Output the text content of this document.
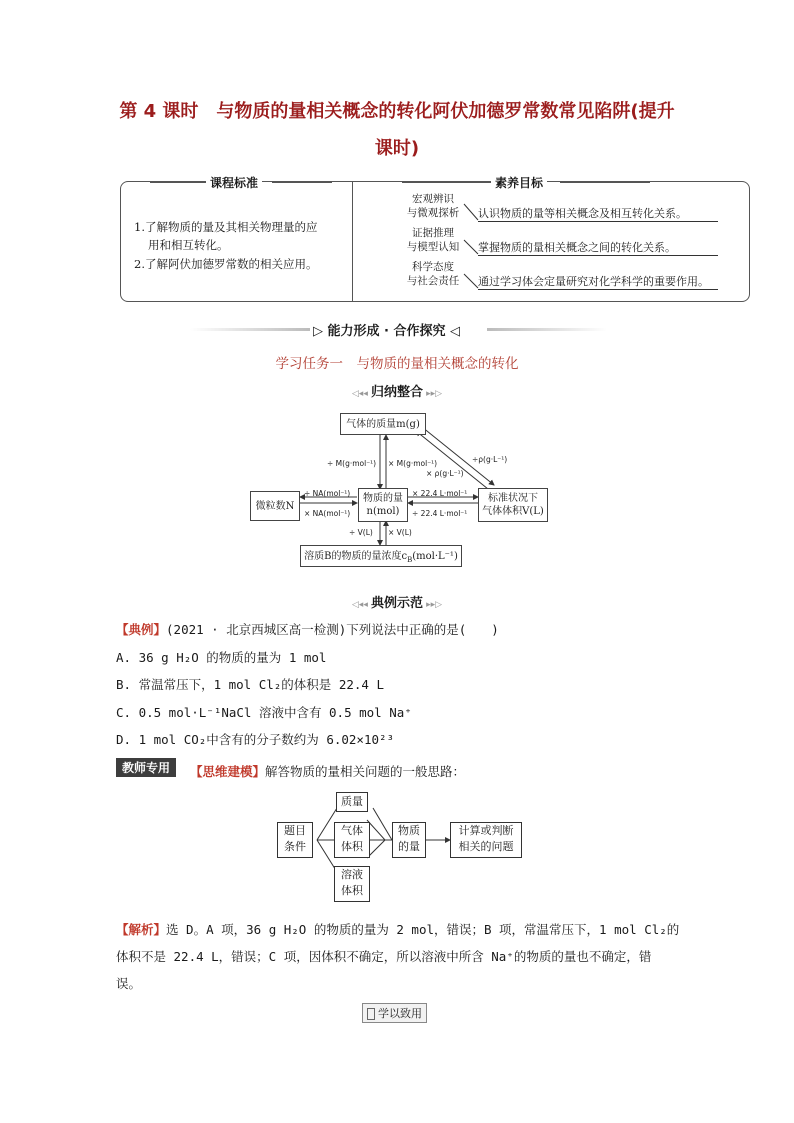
第 4 课时　与物质的量相关概念的转化阿伏加德罗常数常见陷阱(提升
课时)
课程标准	素养目标
1.了解物质的量及其相关物理量的应
用和相互转化。
2.了解阿伏加德罗常数的相关应用。
宏观辨识
与微观探析	认识物质的量等相关概念及相互转化关系。
证据推理
与模型认知	掌握物质的量相关概念之间的转化关系。
科学态度
与社会责任	通过学习体会定量研究对化学科学的重要作用。
▷ 能力形成 · 合作探究 ◁
学习任务一　与物质的量相关概念的转化
◁◂◂ 归纳整合 ▸▸▷
气体的质量m(g)
微粒数N
物质的量
n(mol)
标准状况下
气体体积V(L)
溶质B的物质的量浓度$c_B(mol\cdot L^{-1})$
÷ M(g·mol⁻¹) × M(g·mol⁻¹)	÷ρ(g·L⁻¹)
× ρ(g·L⁻¹)
÷ NA(mol⁻¹)
× NA(mol⁻¹)
× 22.4 L·mol⁻¹
÷ 22.4 L·mol⁻¹
÷ V(L) × V(L)
◁◂◂ 典例示范 ▸▸▷
【典例】(2021 · 北京西城区高一检测)下列说法中正确的是(　　)
A. 36 g H₂O 的物质的量为 1 mol
B. 常温常压下，1 mol Cl₂的体积是 22.4 L
C. 0.5 mol·L⁻¹NaCl 溶液中含有 0.5 mol Na⁺
D. 1 mol CO₂中含有的分子数约为 6.02×10²³
教师专用	【思维建模】解答物质的量相关问题的一般思路：
题目
条件
质量
气体
体积
溶液
体积
物质
的量
计算或判断
相关的问题
【解析】选 D。A 项，36 g H₂O 的物质的量为 2 mol，错误；B 项，常温常压下，1 mol Cl₂的
体积不是 22.4 L，错误；C 项，因体积不确定，所以溶液中所含 Na⁺的物质的量也不确定，错
误。
学以致用
